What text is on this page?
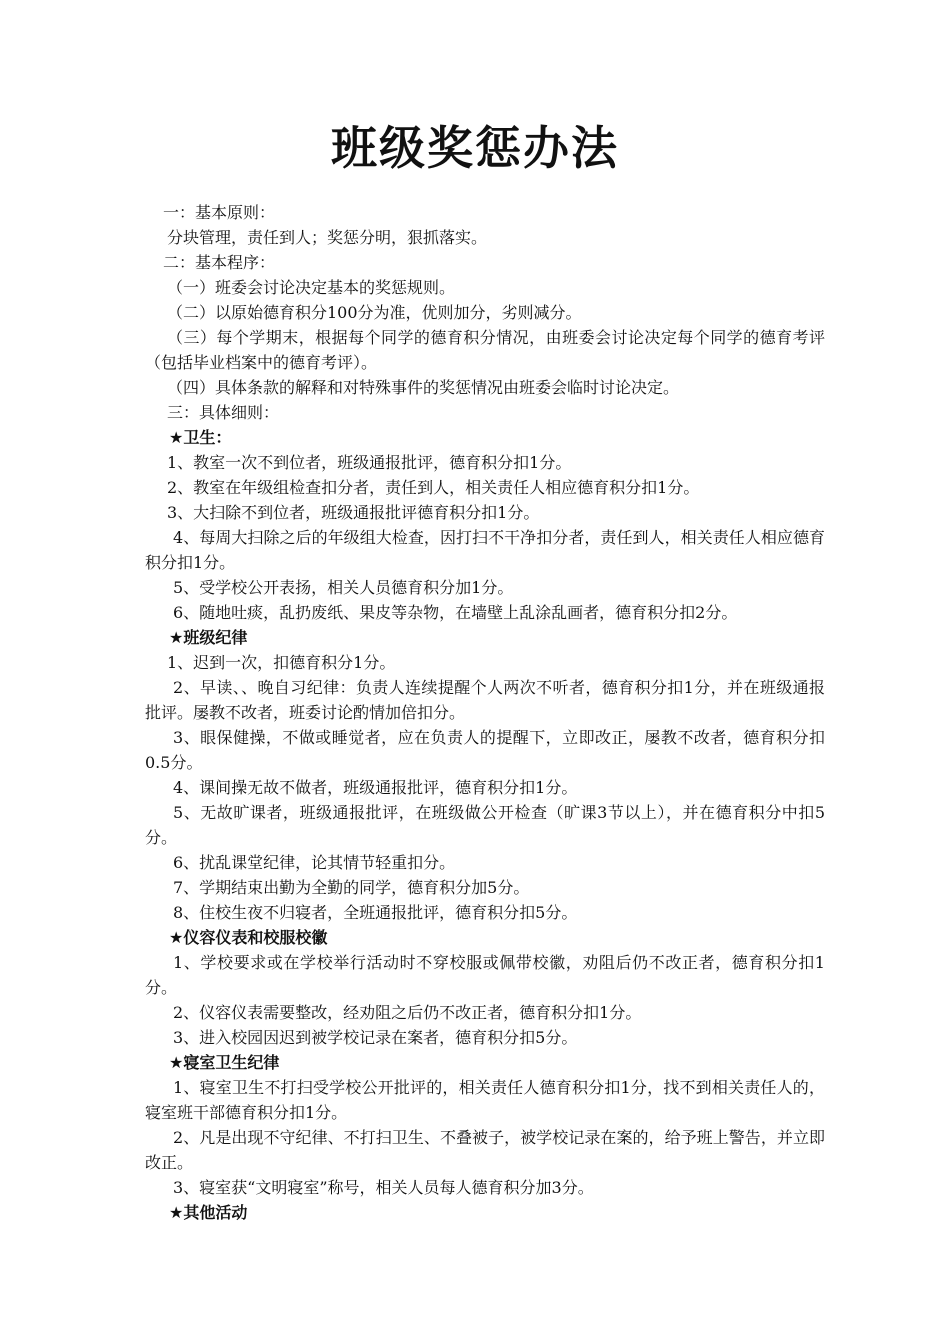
班级奖惩办法

一：基本原则：

分块管理，责任到人；奖惩分明，狠抓落实。

二：基本程序：

（一）班委会讨论决定基本的奖惩规则。

（二）以原始德育积分100分为准，优则加分，劣则减分。

（三）每个学期末，根据每个同学的德育积分情况，由班委会讨论决定每个同学的德育考评（包括毕业档案中的德育考评）。

（四）具体条款的解释和对特殊事件的奖惩情况由班委会临时讨论决定。

三：具体细则：

★卫生：

1、教室一次不到位者，班级通报批评，德育积分扣1分。

2、教室在年级组检查扣分者，责任到人，相关责任人相应德育积分扣1分。

3、大扫除不到位者，班级通报批评德育积分扣1分。

4、每周大扫除之后的年级组大检查，因打扫不干净扣分者，责任到人，相关责任人相应德育积分扣1分。

5、受学校公开表扬，相关人员德育积分加1分。

6、随地吐痰，乱扔废纸、果皮等杂物，在墙壁上乱涂乱画者，德育积分扣2分。

★班级纪律

1、迟到一次，扣德育积分1分。

2、早读、、晚自习纪律：负责人连续提醒个人两次不听者，德育积分扣1分，并在班级通报批评。屡教不改者，班委讨论酌情加倍扣分。

3、眼保健操，不做或睡觉者，应在负责人的提醒下，立即改正，屡教不改者，德育积分扣0.5分。

4、课间操无故不做者，班级通报批评，德育积分扣1分。

5、无故旷课者，班级通报批评，在班级做公开检查（旷课3节以上），并在德育积分中扣5分。

6、扰乱课堂纪律，论其情节轻重扣分。

7、学期结束出勤为全勤的同学，德育积分加5分。

8、住校生夜不归寝者，全班通报批评，德育积分扣5分。

★仪容仪表和校服校徽

1、学校要求或在学校举行活动时不穿校服或佩带校徽，劝阻后仍不改正者，德育积分扣1分。

2、仪容仪表需要整改，经劝阻之后仍不改正者，德育积分扣1分。

3、进入校园因迟到被学校记录在案者，德育积分扣5分。

★寝室卫生纪律

1、寝室卫生不打扫受学校公开批评的，相关责任人德育积分扣1分，找不到相关责任人的，寝室班干部德育积分扣1分。

2、凡是出现不守纪律、不打扫卫生、不叠被子，被学校记录在案的，给予班上警告，并立即改正。

3、寝室获“文明寝室”称号，相关人员每人德育积分加3分。

★其他活动
